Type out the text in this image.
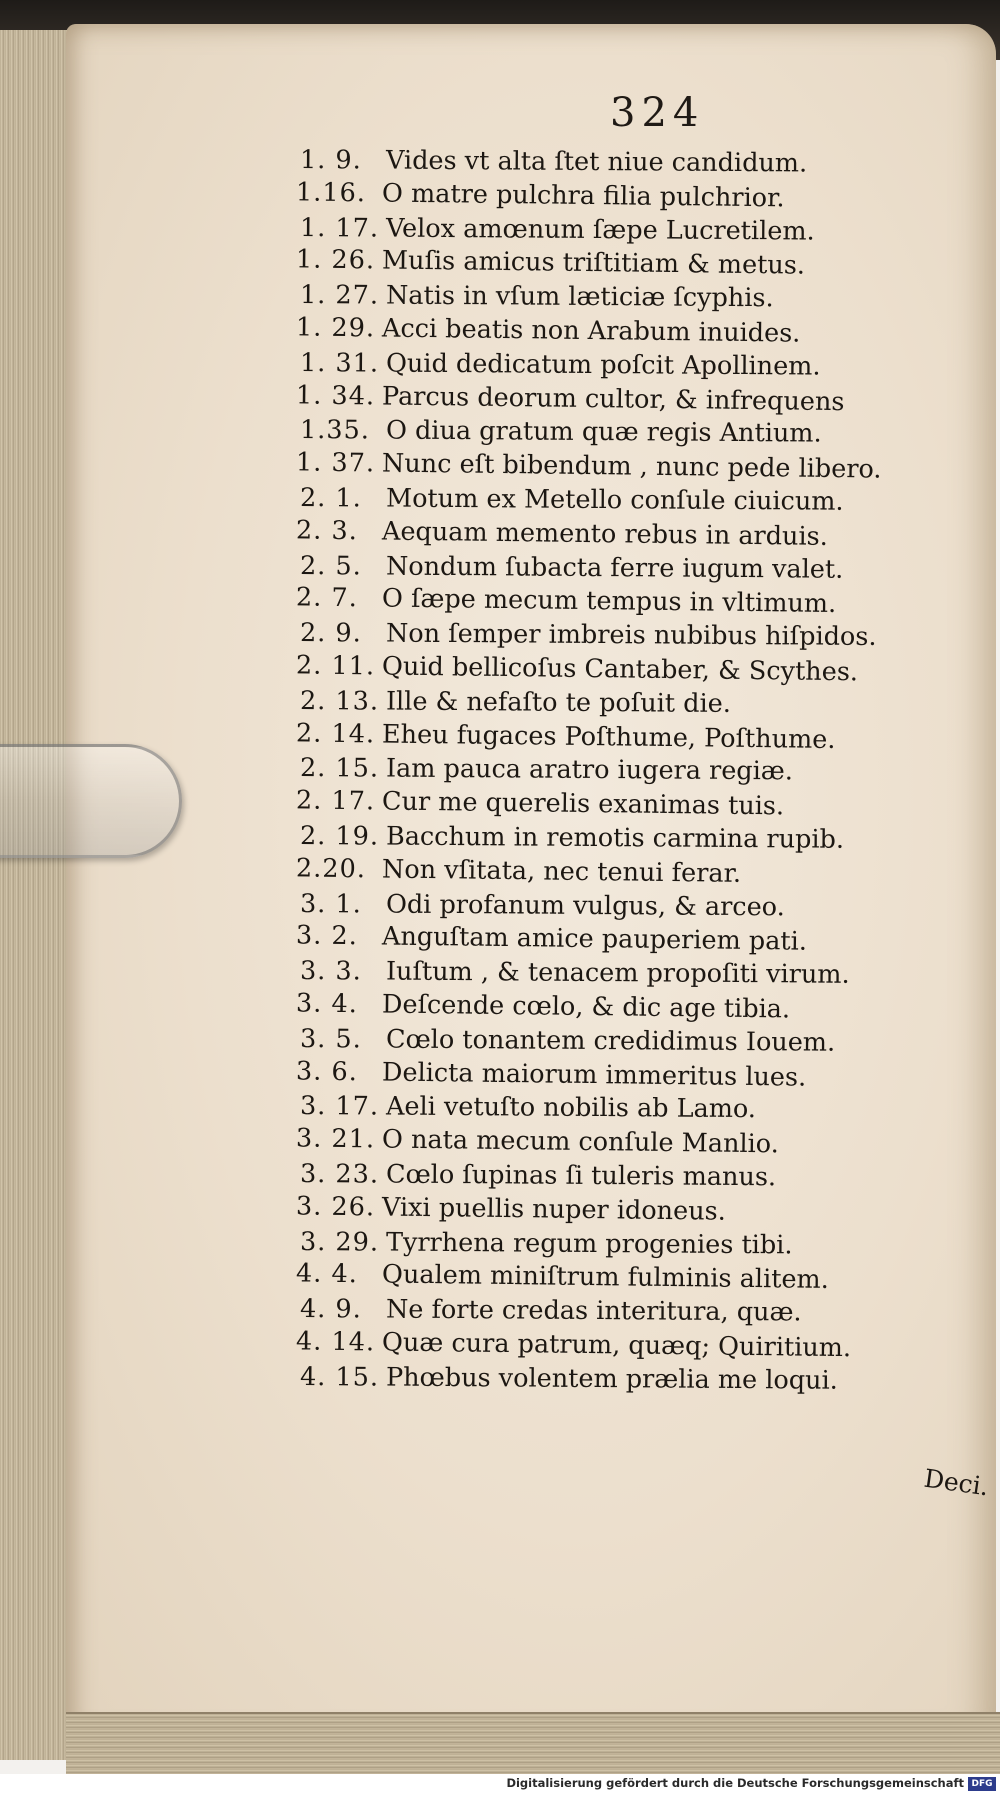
324
1. 9. Vides vt alta ſtet niue candidum.
1.16. O matre pulchra filia pulchrior.
1. 17. Velox amœnum ſæpe Lucretilem.
1. 26. Muſis amicus triſtitiam & metus.
1. 27. Natis in vſum læticiæ ſcyphis.
1. 29. Acci beatis non Arabum inuides.
1. 31. Quid dedicatum poſcit Apollinem.
1. 34. Parcus deorum cultor, & infrequens
1.35. O diua gratum quæ regis Antium.
1. 37. Nunc eſt bibendum , nunc pede libero.
2. 1. Motum ex Metello conſule ciuicum.
2. 3. Aequam memento rebus in arduis.
2. 5. Nondum ſubacta ferre iugum valet.
2. 7. O ſæpe mecum tempus in vltimum.
2. 9. Non ſemper imbreis nubibus hiſpidos.
2. 11. Quid bellicoſus Cantaber, & Scythes.
2. 13. Ille & nefaſto te poſuit die.
2. 14. Eheu fugaces Poſthume, Poſthume.
2. 15. Iam pauca aratro iugera regiæ.
2. 17. Cur me querelis exanimas tuis.
2. 19. Bacchum in remotis carmina rupib.
2.20. Non vſitata, nec tenui ferar.
3. 1. Odi profanum vulgus, & arceo.
3. 2. Anguſtam amice pauperiem pati.
3. 3. Iuſtum , & tenacem propoſiti virum.
3. 4. Deſcende cœlo, & dic age tibia.
3. 5. Cœlo tonantem credidimus Iouem.
3. 6. Delicta maiorum immeritus lues.
3. 17. Aeli vetuſto nobilis ab Lamo.
3. 21. O nata mecum conſule Manlio.
3. 23. Cœlo ſupinas ſi tuleris manus.
3. 26. Vixi puellis nuper idoneus.
3. 29. Tyrrhena regum progenies tibi.
4. 4. Qualem miniſtrum fulminis alitem.
4. 9. Ne forte credas interitura, quæ.
4. 14. Quæ cura patrum, quæq; Quiritium.
4. 15. Phœbus volentem prælia me loqui.
Deci.
Digitalisierung gefördert durch die Deutsche Forschungsgemeinschaft DFG
